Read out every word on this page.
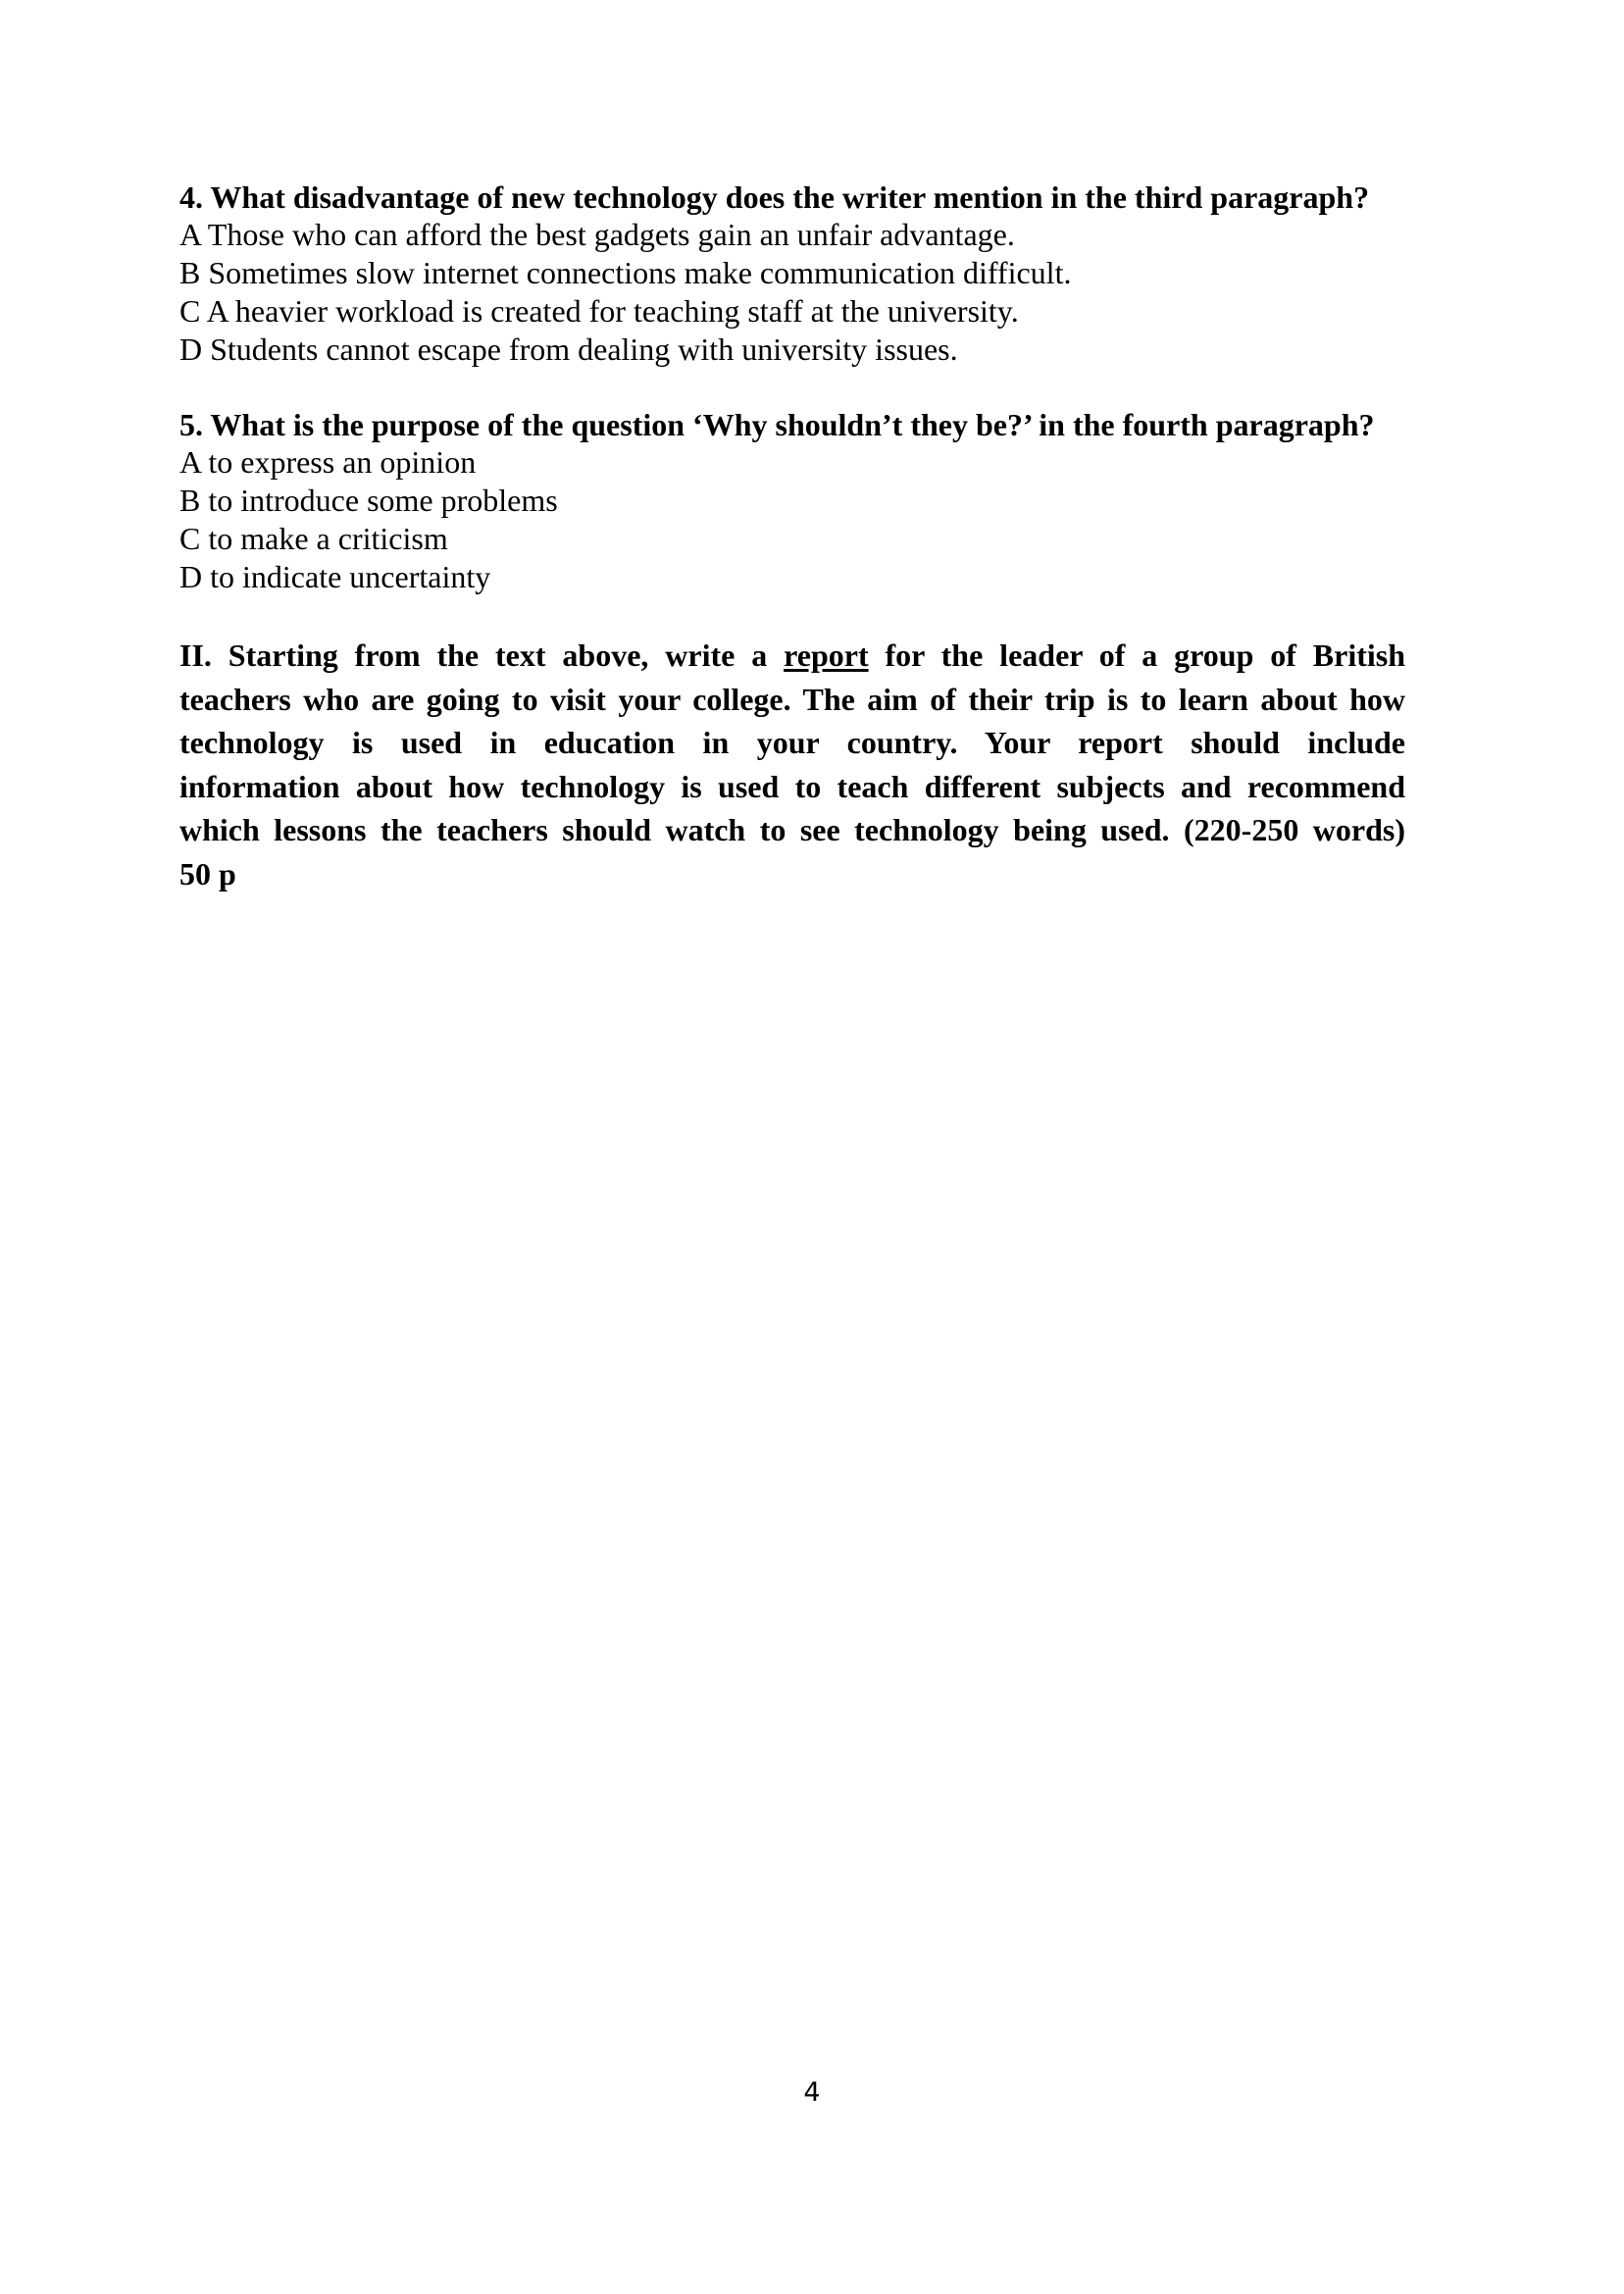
4. What disadvantage of new technology does the writer mention in the third paragraph?

A Those who can afford the best gadgets gain an unfair advantage.

B Sometimes slow internet connections make communication difficult.

C A heavier workload is created for teaching staff at the university.

D Students cannot escape from dealing with university issues.

5. What is the purpose of the question ‘Why shouldn’t they be?’ in the fourth paragraph?

A to express an opinion

B to introduce some problems

C to make a criticism

D to indicate uncertainty

II. Starting from the text above, write a report for the leader of a group of British
teachers who are going to visit your college. The aim of their trip is to learn about how
technology is used in education in your country. Your report should include
information about how technology is used to teach different subjects and recommend
which lessons the teachers should watch to see technology being used. (220-250 words)
50 p
4
